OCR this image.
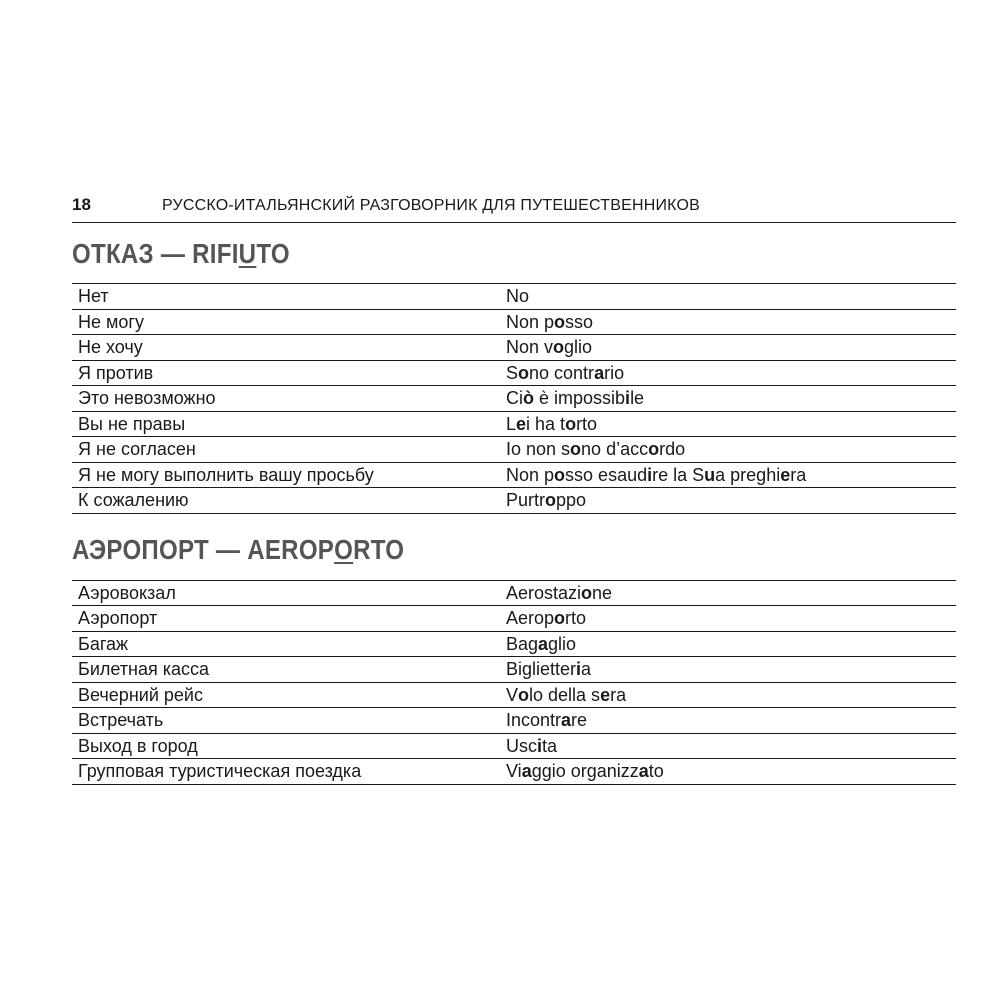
18	РУССКО-ИТАЛЬЯНСКИЙ РАЗГОВОРНИК ДЛЯ ПУТЕШЕСТВЕННИКОВ
ОТКАЗ — RIFIUTO
Нет	No
Не могу	Non posso
Не хочу	Non voglio
Я против	Sono contrario
Это невозможно	Ciò è impossibile
Вы не правы	Lei ha torto
Я не согласен	Io non sono d’accordo
Я не могу выполнить вашу просьбу	Non posso esaudire la Sua preghiera
К сожалению	Purtroppo
АЭРОПОРТ — AEROPORTO
Аэровокзал	Aerostazione
Аэропорт	Aeroporto
Багаж	Bagaglio
Билетная касса	Biglietteria
Вечерний рейс	Volo della sera
Встречать	Incontrare
Выход в город	Uscita
Групповая туристическая поездка	Viaggio organizzato
